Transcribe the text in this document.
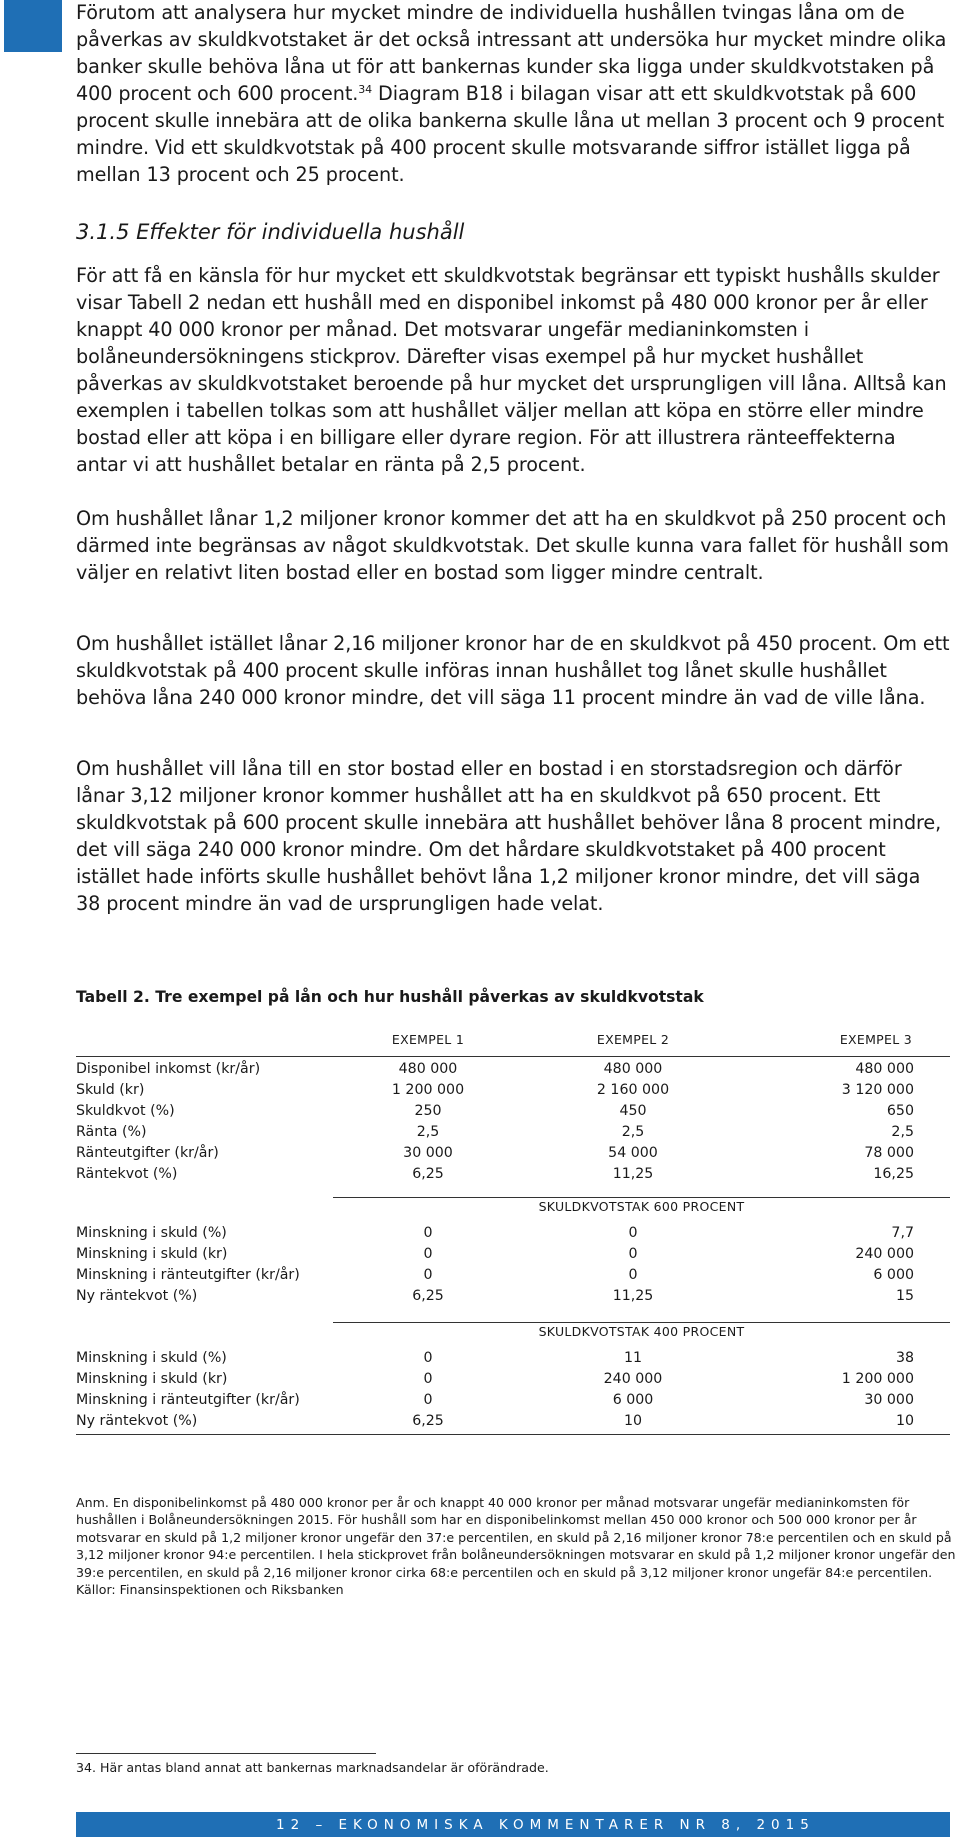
Förutom att analysera hur mycket mindre de individuella hushållen tvingas låna om de påverkas av skuldkvotstaket är det också intressant att undersöka hur mycket mindre olika banker skulle behöva låna ut för att bankernas kunder ska ligga under skuldkvotstaken på 400 procent och 600 procent.$^{34}$ Diagram B18 i bilagan visar att ett skuldkvotstak på 600 procent skulle innebära att de olika bankerna skulle låna ut mellan 3 procent och 9 procent mindre. Vid ett skuldkvotstak på 400 procent skulle motsvarande siffror istället ligga på mellan 13 procent och 25 procent.

3.1.5 Effekter för individuella hushåll

För att få en känsla för hur mycket ett skuldkvotstak begränsar ett typiskt hushålls skulder visar Tabell 2 nedan ett hushåll med en disponibel inkomst på 480 000 kronor per år eller knappt 40 000 kronor per månad. Det motsvarar ungefär medianinkomsten i bolåneundersökningens stickprov. Därefter visas exempel på hur mycket hushållet påverkas av skuldkvotstaket beroende på hur mycket det ursprungligen vill låna. Alltså kan exemplen i tabellen tolkas som att hushållet väljer mellan att köpa en större eller mindre bostad eller att köpa i en billigare eller dyrare region. För att illustrera ränteeffekterna antar vi att hushållet betalar en ränta på 2,5 procent.

Om hushållet lånar 1,2 miljoner kronor kommer det att ha en skuldkvot på 250 procent och därmed inte begränsas av något skuldkvotstak. Det skulle kunna vara fallet för hushåll som väljer en relativt liten bostad eller en bostad som ligger mindre centralt.

Om hushållet istället lånar 2,16 miljoner kronor har de en skuldkvot på 450 procent. Om ett skuldkvotstak på 400 procent skulle införas innan hushållet tog lånet skulle hushållet behöva låna 240 000 kronor mindre, det vill säga 11 procent mindre än vad de ville låna.

Om hushållet vill låna till en stor bostad eller en bostad i en storstadsregion och därför lånar 3,12 miljoner kronor kommer hushållet att ha en skuldkvot på 650 procent. Ett skuldkvotstak på 600 procent skulle innebära att hushållet behöver låna 8 procent mindre, det vill säga 240 000 kronor mindre. Om det hårdare skuldkvotstaket på 400 procent istället hade införts skulle hushållet behövt låna 1,2 miljoner kronor mindre, det vill säga 38 procent mindre än vad de ursprungligen hade velat.

Tabell 2. Tre exempel på lån och hur hushåll påverkas av skuldkvotstak
EXEMPEL 1	EXEMPEL 2	EXEMPEL 3
Disponibel inkomst (kr/år)	480 000	480 000	480 000
Skuld (kr)	1 200 000	2 160 000	3 120 000
Skuldkvot (%)	250	450	650
Ränta (%)	2,5	2,5	2,5
Ränteutgifter (kr/år)	30 000	54 000	78 000
Räntekvot (%)	6,25	11,25	16,25
SKULDKVOTSTAK 600 PROCENT
Minskning i skuld (%)	0	0	7,7
Minskning i skuld (kr)	0	0	240 000
Minskning i ränteutgifter (kr/år)	0	0	6 000
Ny räntekvot (%)	6,25	11,25	15
SKULDKVOTSTAK 400 PROCENT
Minskning i skuld (%)	0	11	38
Minskning i skuld (kr)	0	240 000	1 200 000
Minskning i ränteutgifter (kr/år)	0	6 000	30 000
Ny räntekvot (%)	6,25	10	10
Anm. En disponibelinkomst på 480 000 kronor per år och knappt 40 000 kronor per månad motsvarar ungefär medianinkomsten för hushållen i Bolåneundersökningen 2015. För hushåll som har en disponibelinkomst mellan 450 000 kronor och 500 000 kronor per år motsvarar en skuld på 1,2 miljoner kronor ungefär den 37:e percentilen, en skuld på 2,16 miljoner kronor 78:e percentilen och en skuld på 3,12 miljoner kronor 94:e percentilen. I hela stickprovet från bolåneundersökningen motsvarar en skuld på 1,2 miljoner kronor ungefär den 39:e percentilen, en skuld på 2,16 miljoner kronor cirka 68:e percentilen och en skuld på 3,12 miljoner kronor ungefär 84:e percentilen.
Källor: Finansinspektionen och Riksbanken
34. Här antas bland annat att bankernas marknadsandelar är oförändrade.
12 – EKONOMISKA KOMMENTARER NR 8, 2015
